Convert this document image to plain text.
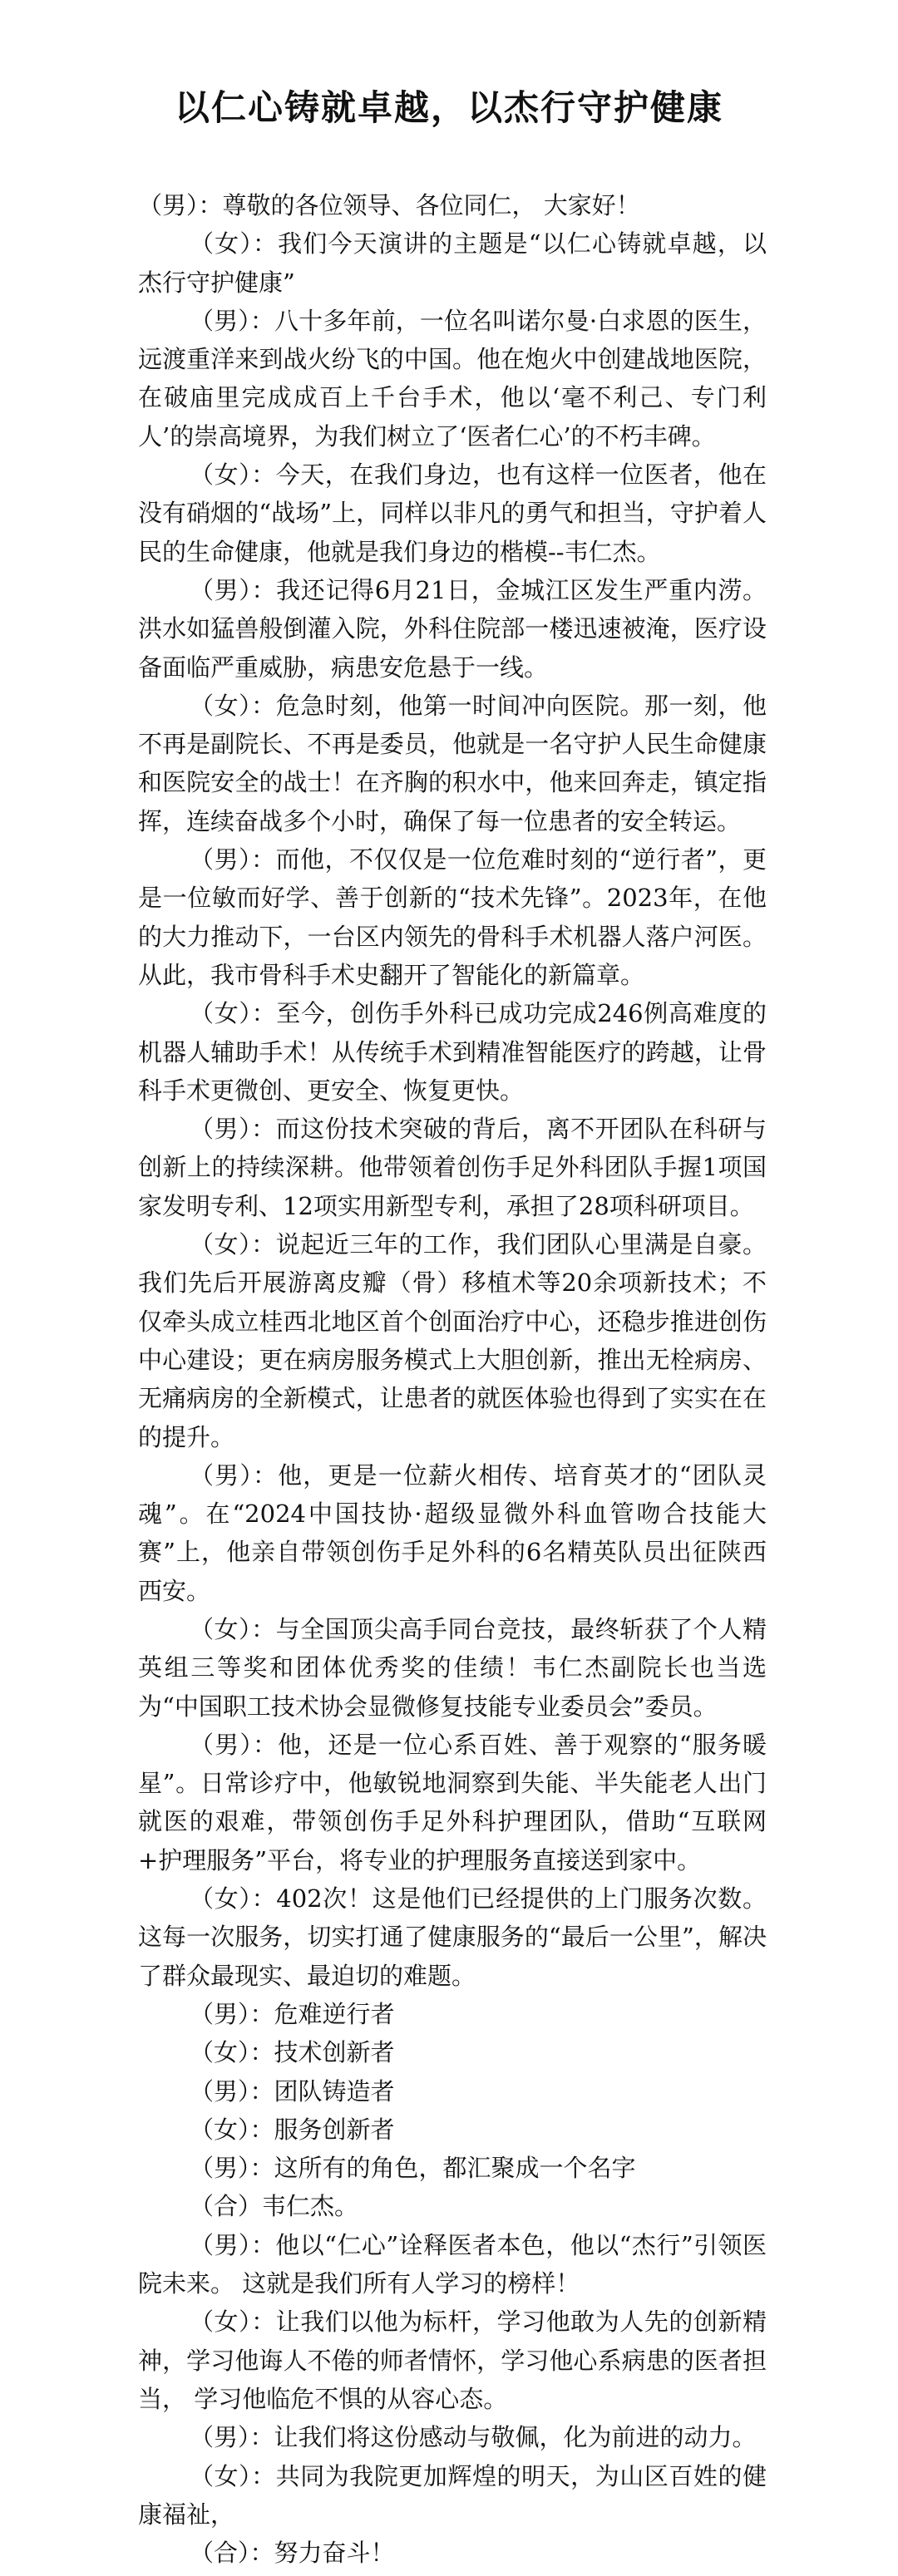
以仁心铸就卓越，以杰行守护健康

（男）：尊敬的各位领导、各位同仁， 大家好！

（女）：我们今天演讲的主题是“以仁心铸就卓越，以杰行守护健康”

（男）：八十多年前，一位名叫诺尔曼·白求恩的医生，远渡重洋来到战火纷飞的中国。他在炮火中创建战地医院，在破庙里完成成百上千台手术，他以‘毫不利己、专门利人’的崇高境界，为我们树立了‘医者仁心’的不朽丰碑。

（女）：今天，在我们身边，也有这样一位医者，他在没有硝烟的“战场”上，同样以非凡的勇气和担当，守护着人民的生命健康，他就是我们身边的楷模--韦仁杰。

（男）：我还记得6月21日，金城江区发生严重内涝。洪水如猛兽般倒灌入院，外科住院部一楼迅速被淹，医疗设备面临严重威胁，病患安危悬于一线。

（女）：危急时刻，他第一时间冲向医院。那一刻，他不再是副院长、不再是委员，他就是一名守护人民生命健康和医院安全的战士！在齐胸的积水中，他来回奔走，镇定指挥，连续奋战多个小时，确保了每一位患者的安全转运。

（男）：而他，不仅仅是一位危难时刻的“逆行者”，更是一位敏而好学、善于创新的“技术先锋”。2023年，在他的大力推动下，一台区内领先的骨科手术机器人落户河医。从此，我市骨科手术史翻开了智能化的新篇章。

（女）：至今，创伤手外科已成功完成246例高难度的机器人辅助手术！从传统手术到精准智能医疗的跨越，让骨科手术更微创、更安全、恢复更快。

（男）：而这份技术突破的背后，离不开团队在科研与创新上的持续深耕。他带领着创伤手足外科团队手握1项国家发明专利、12项实用新型专利，承担了28项科研项目。

（女）：说起近三年的工作，我们团队心里满是自豪。我们先后开展游离皮瓣（骨）移植术等20余项新技术；不仅牵头成立桂西北地区首个创面治疗中心，还稳步推进创伤中心建设；更在病房服务模式上大胆创新，推出无栓病房、无痛病房的全新模式，让患者的就医体验也得到了实实在在的提升。

（男）：他，更是一位薪火相传、培育英才的“团队灵魂”。在“2024中国技协·超级显微外科血管吻合技能大赛”上，他亲自带领创伤手足外科的6名精英队员出征陕西西安。

（女）：与全国顶尖高手同台竞技，最终斩获了个人精英组三等奖和团体优秀奖的佳绩！韦仁杰副院长也当选为“中国职工技术协会显微修复技能专业委员会”委员。

（男）：他，还是一位心系百姓、善于观察的“服务暖星”。日常诊疗中，他敏锐地洞察到失能、半失能老人出门就医的艰难，带领创伤手足外科护理团队，借助“互联网+护理服务”平台，将专业的护理服务直接送到家中。

（女）：402次！这是他们已经提供的上门服务次数。这每一次服务，切实打通了健康服务的“最后一公里”，解决了群众最现实、最迫切的难题。

（男）：危难逆行者

（女）：技术创新者

（男）：团队铸造者

（女）：服务创新者

（男）：这所有的角色，都汇聚成一个名字

（合）韦仁杰。

（男）：他以“仁心”诠释医者本色，他以“杰行”引领医院未来。 这就是我们所有人学习的榜样！

（女）：让我们以他为标杆，学习他敢为人先的创新精神，学习他诲人不倦的师者情怀，学习他心系病患的医者担当， 学习他临危不惧的从容心态。

（男）：让我们将这份感动与敬佩，化为前进的动力。

（女）：共同为我院更加辉煌的明天，为山区百姓的健康福祉，

（合）：努力奋斗！
